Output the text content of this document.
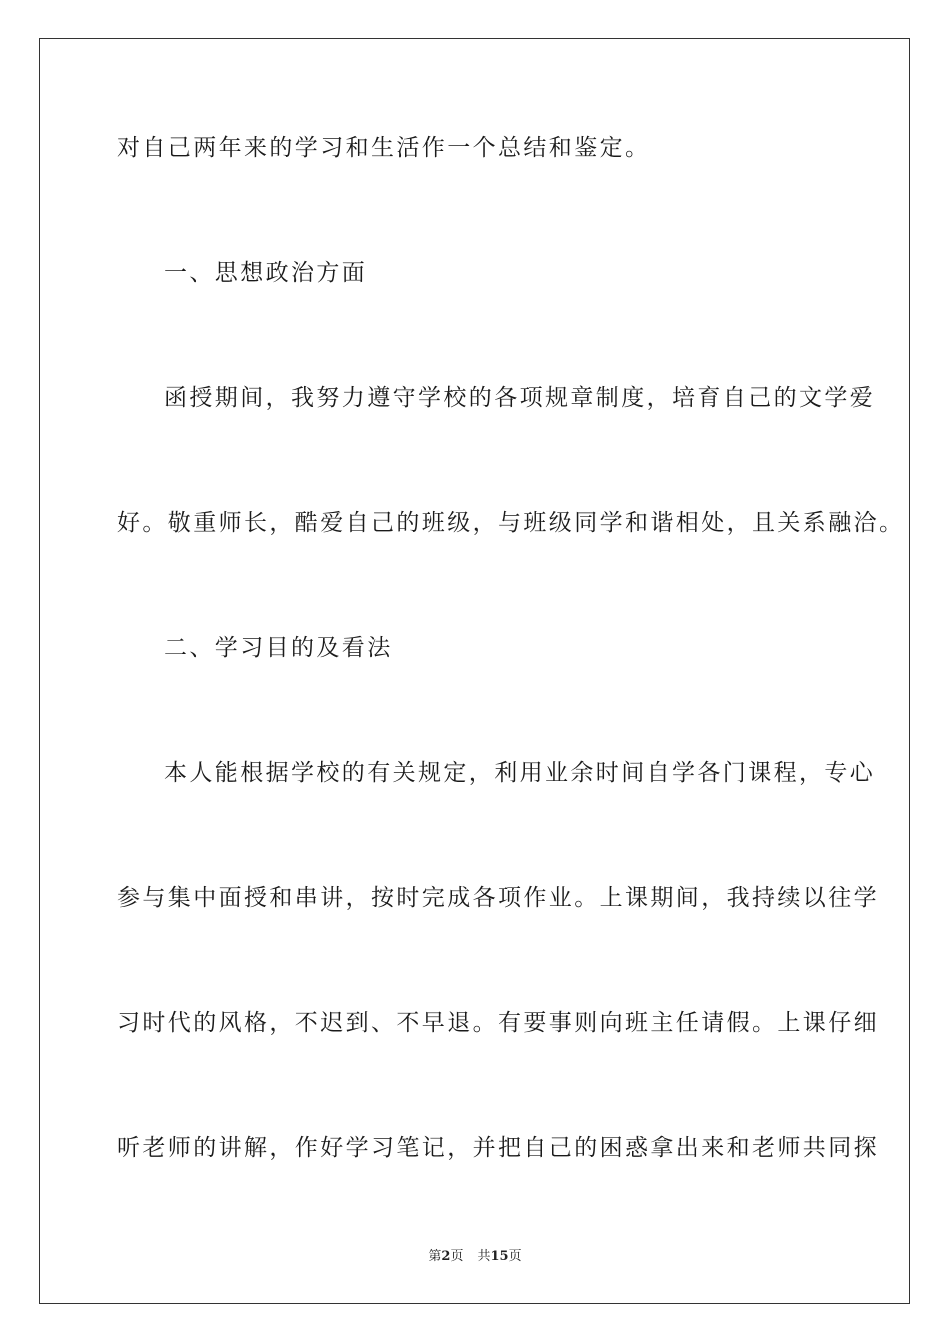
对自己两年来的学习和生活作一个总结和鉴定。
一、思想政治方面
函授期间，我努力遵守学校的各项规章制度，培育自己的文学爱
好。敬重师长，酷爱自己的班级，与班级同学和谐相处，且关系融洽。
二、学习目的及看法
本人能根据学校的有关规定，利用业余时间自学各门课程，专心
参与集中面授和串讲，按时完成各项作业。上课期间，我持续以往学
习时代的风格，不迟到、不早退。有要事则向班主任请假。上课仔细
听老师的讲解，作好学习笔记，并把自己的困惑拿出来和老师共同探
第2页 共15页
